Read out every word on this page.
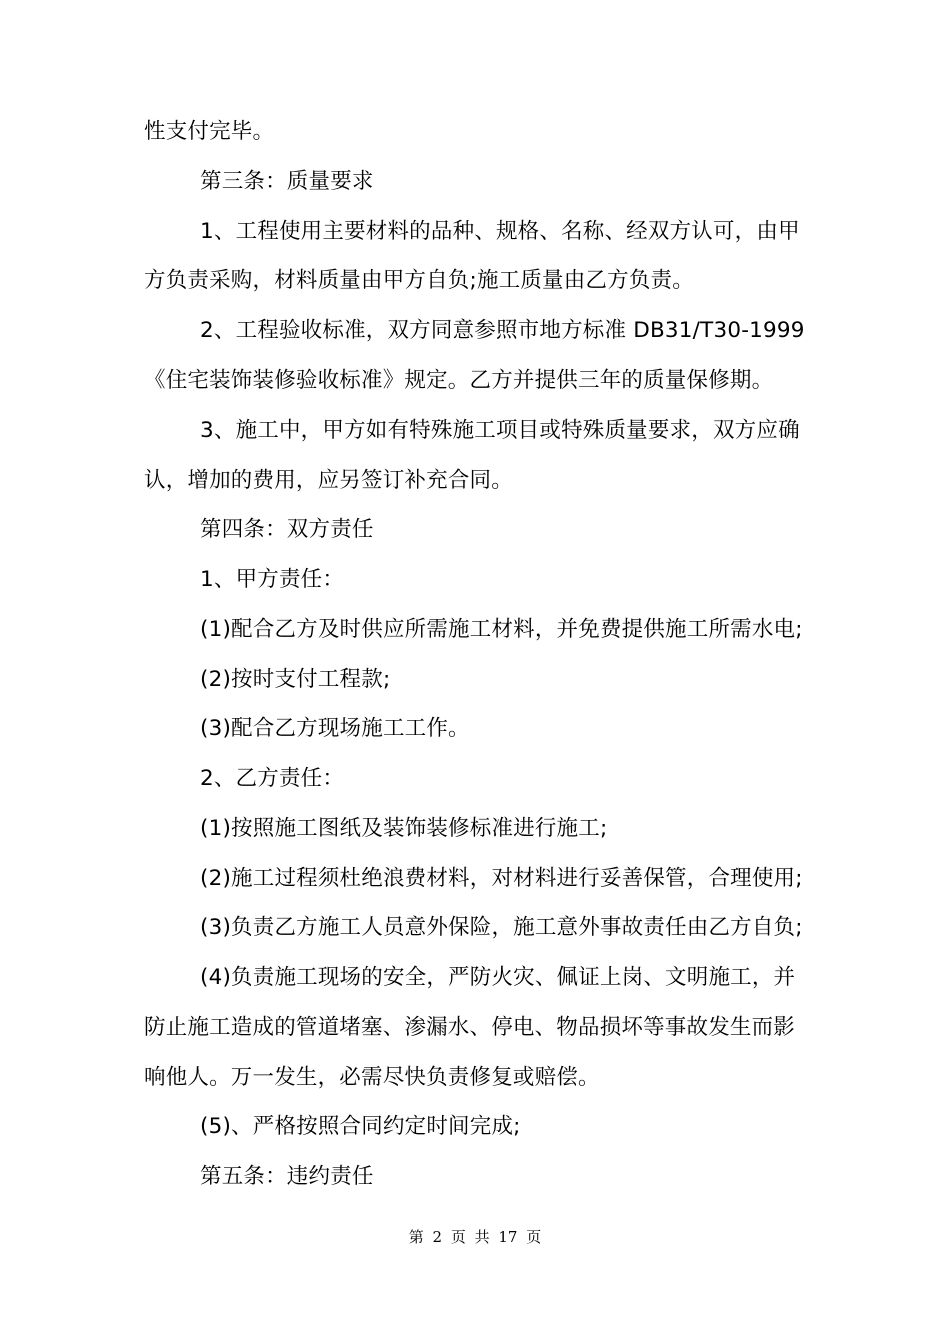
性支付完毕。

第三条：质量要求

1、工程使用主要材料的品种、规格、名称、经双方认可，由甲

方负责采购，材料质量由甲方自负;施工质量由乙方负责。

2、工程验收标准，双方同意参照市地方标准 DB31/T30-1999

《住宅装饰装修验收标准》规定。乙方并提供三年的质量保修期。

3、施工中，甲方如有特殊施工项目或特殊质量要求，双方应确

认，增加的费用，应另签订补充合同。

第四条：双方责任

1、甲方责任：

(1)配合乙方及时供应所需施工材料，并免费提供施工所需水电;

(2)按时支付工程款;

(3)配合乙方现场施工工作。

2、乙方责任：

(1)按照施工图纸及装饰装修标准进行施工;

(2)施工过程须杜绝浪费材料，对材料进行妥善保管，合理使用;

(3)负责乙方施工人员意外保险，施工意外事故责任由乙方自负;

(4)负责施工现场的安全，严防火灾、佩证上岗、文明施工，并

防止施工造成的管道堵塞、渗漏水、停电、物品损坏等事故发生而影

响他人。万一发生，必需尽快负责修复或赔偿。

(5)、严格按照合同约定时间完成;

第五条：违约责任

第 2 页 共 17 页
